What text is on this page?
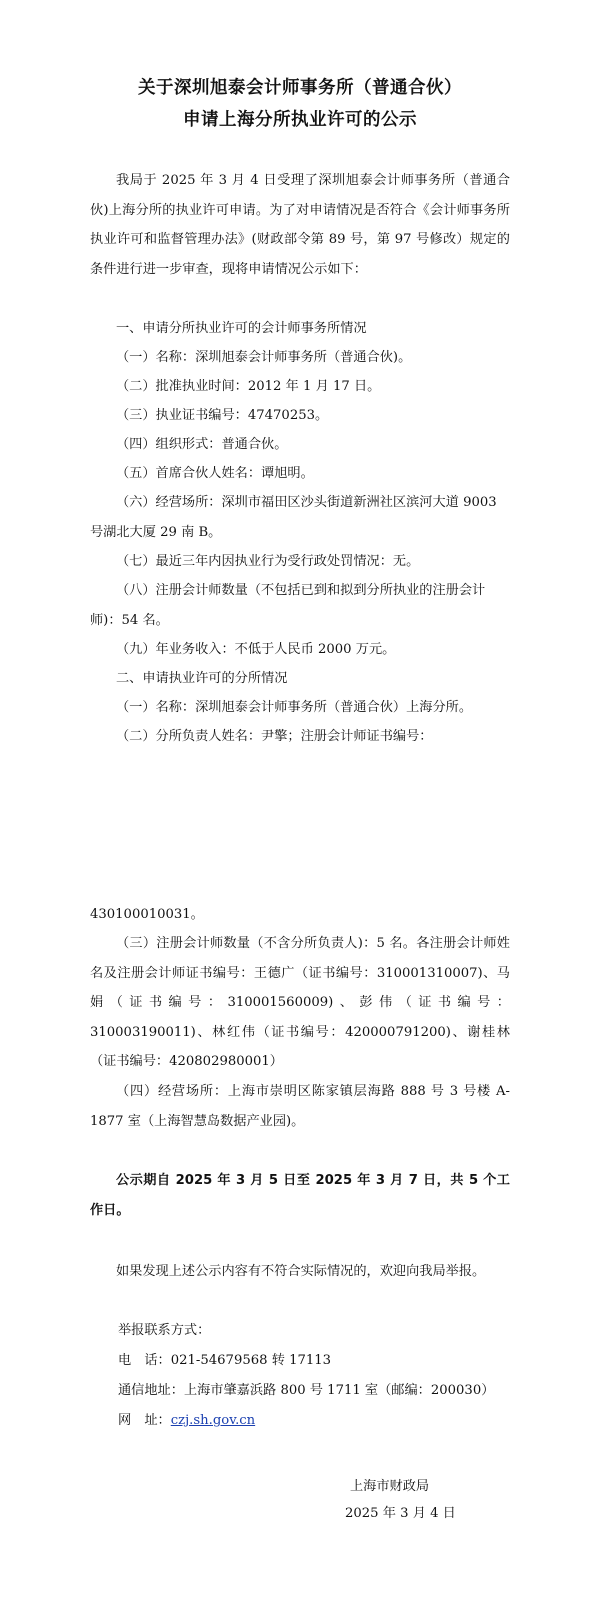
关于深圳旭泰会计师事务所（普通合伙）
申请上海分所执业许可的公示
我局于 2025 年 3 月 4 日受理了深圳旭泰会计师事务所（普通合伙)上海分所的执业许可申请。为了对申请情况是否符合《会计师事务所执业许可和监督管理办法》(财政部令第 89 号，第 97 号修改）规定的条件进行进一步审查，现将申请情况公示如下：
一、申请分所执业许可的会计师事务所情况
（一）名称：深圳旭泰会计师事务所（普通合伙)。
（二）批准执业时间：2012 年 1 月 17 日。
（三）执业证书编号：47470253。
（四）组织形式：普通合伙。
（五）首席合伙人姓名：谭旭明。
（六）经营场所：深圳市福田区沙头街道新洲社区滨河大道 9003 号湖北大厦 29 南 B。
（七）最近三年内因执业行为受行政处罚情况：无。
（八）注册会计师数量（不包括已到和拟到分所执业的注册会计师)：54 名。
（九）年业务收入：不低于人民币 2000 万元。
二、申请执业许可的分所情况
（一）名称：深圳旭泰会计师事务所（普通合伙）上海分所。
（二）分所负责人姓名：尹擎；注册会计师证书编号：
430100010031。
（三）注册会计师数量（不含分所负责人)：5 名。各注册会计师姓名及注册会计师证书编号：王德广（证书编号：310001310007)、马娟（证书编号：310001560009)、彭伟（证书编号：310003190011)、林红伟（证书编号：420000791200)、谢桂林（证书编号：420802980001）
（四）经营场所：上海市崇明区陈家镇层海路 888 号 3 号楼 A-1877 室（上海智慧岛数据产业园)。
公示期自 2025 年 3 月 5 日至 2025 年 3 月 7 日，共 5 个工作日。
如果发现上述公示内容有不符合实际情况的，欢迎向我局举报。
举报联系方式：
电　话：021-54679568 转 17113
通信地址：上海市肇嘉浜路 800 号 1711 室（邮编：200030）
网　址：czj.sh.gov.cn
上海市财政局
2025 年 3 月 4 日
